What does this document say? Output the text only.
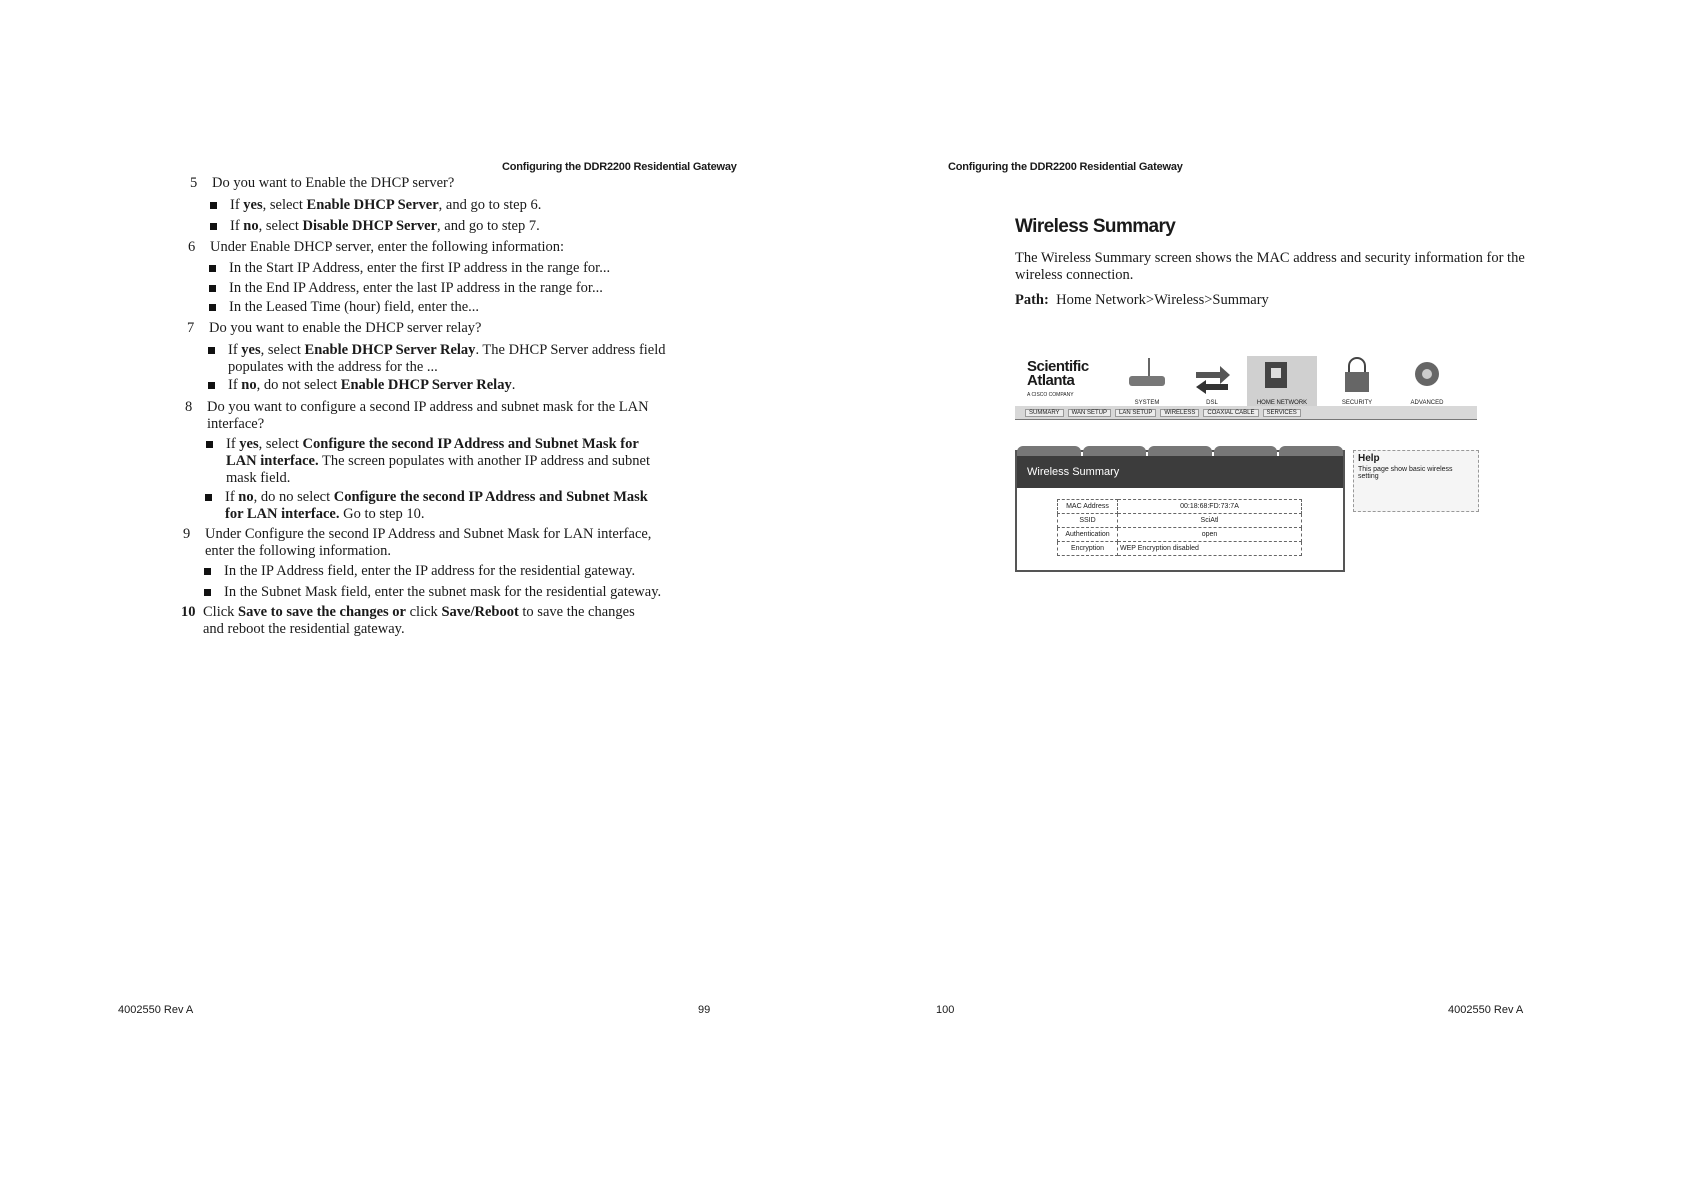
Configuring the DDR2200 Residential Gateway
5	Do you want to Enable the DHCP server?
If yes, select Enable DHCP Server, and go to step 6.
If no, select Disable DHCP Server, and go to step 7.
6	Under Enable DHCP server, enter the following information:
In the Start IP Address, enter the first IP address in the range for...
In the End IP Address, enter the last IP address in the range for...
In the Leased Time (hour) field, enter the...
7	Do you want to enable the DHCP server relay?
If yes, select Enable DHCP Server Relay. The DHCP Server address field populates with the address for the ...
If no, do not select Enable DHCP Server Relay.
8	Do you want to configure a second IP address and subnet mask for the LAN interface?
If yes, select Configure the second IP Address and Subnet Mask for LAN interface. The screen populates with another IP address and subnet mask field.
If no, do no select Configure the second IP Address and Subnet Mask for LAN interface. Go to step 10.
9	Under Configure the second IP Address and Subnet Mask for LAN interface, enter the following information.
In the IP Address field, enter the IP address for the residential gateway.
In the Subnet Mask field, enter the subnet mask for the residential gateway.
10 Click Save to save the changes or click Save/Reboot to save the changes and reboot the residential gateway.
4002550 Rev A	99
Configuring the DDR2200 Residential Gateway
Wireless Summary
The Wireless Summary screen shows the MAC address and security information for the wireless connection.
Path: Home Network>Wireless>Summary
Scientific
Atlanta
A CISCO COMPANY
SYSTEM	DSL	HOME NETWORK	SECURITY	ADVANCED
SUMMARY	WAN SETUP	LAN SETUP	WIRELESS	COAXIAL CABLE	SERVICES
Wireless Summary
MAC Address	00:18:68:FD:73:7A
SSID	SciAtl
Authentication	open
Encryption	WEP Encryption disabled
Help
This page show basic wireless setting
100	4002550 Rev A
